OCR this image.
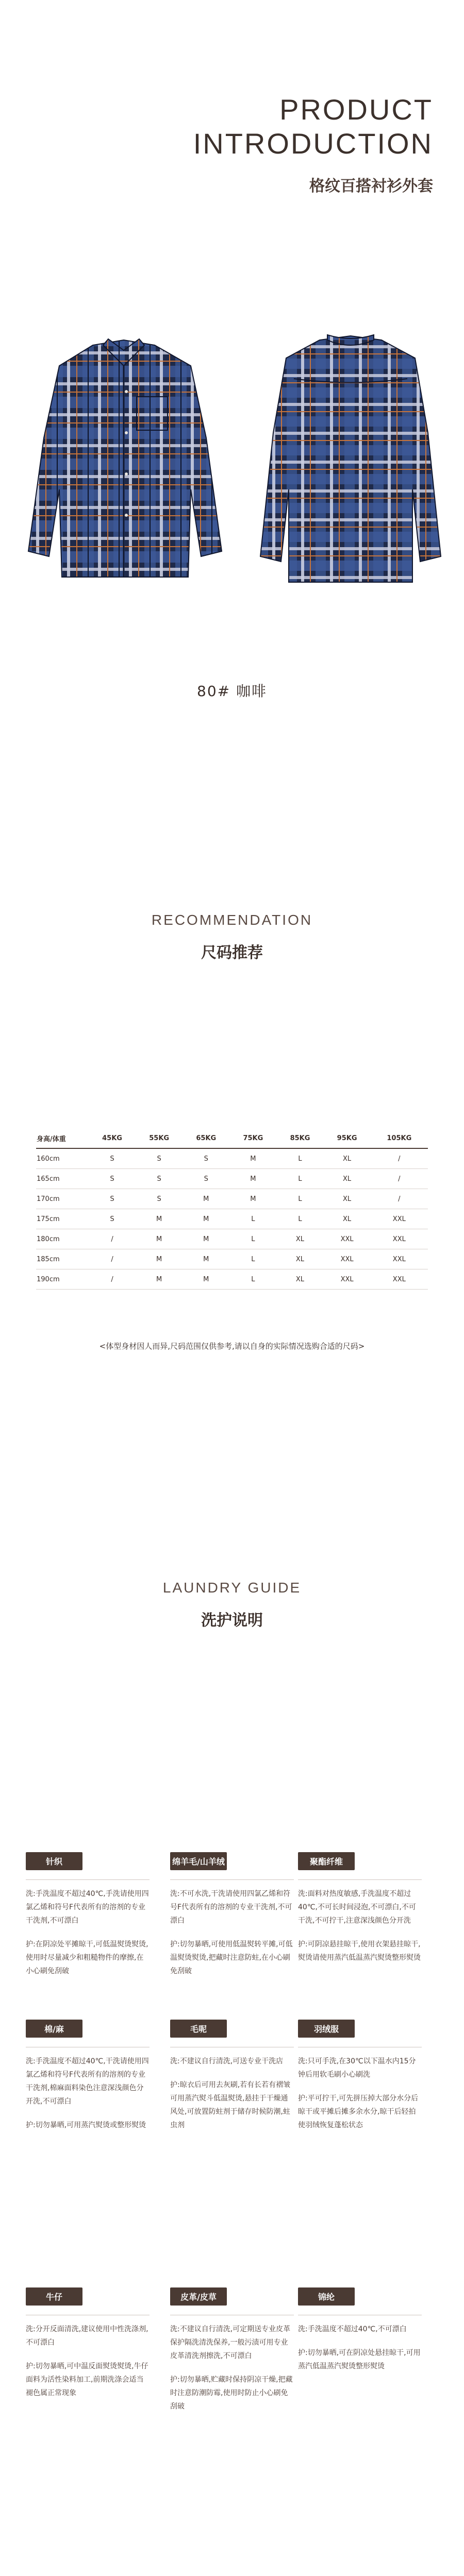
PRODUCT
INTRODUCTION
格纹百搭衬衫外套
80# 咖啡
RECOMMENDATION
尺码推荐
身高/体重	45KG	55KG	65KG	75KG	85KG	95KG	105KG
160cm	S	S	S	M	L	XL	/
165cm	S	S	S	M	L	XL	/
170cm	S	S	M	M	L	XL	/
175cm	S	M	M	L	L	XL	XXL
180cm	/	M	M	L	XL	XXL	XXL
185cm	/	M	M	L	XL	XXL	XXL
190cm	/	M	M	L	XL	XXL	XXL
<体型身材因人而异,尺码范围仅供参考,请以自身的实际情况选购合适的尺码>
LAUNDRY GUIDE
洗护说明
针织
洗:手洗温度不超过40℃,手洗请使用四氯乙烯和符号F代表所有的溶剂的专业干洗剂,不可漂白
护:在阴凉处平摊晾干,可低温熨烫熨烫,使用时尽量减少和粗糙物件的摩擦,在小心刷免刮破
绵羊毛/山羊绒
洗:不可水洗,干洗请使用四氯乙烯和符号F代表所有的溶剂的专业干洗剂,不可漂白
护:切勿暴晒,可使用低温熨转平摊,可低温熨烫熨烫,把藏时注意防蛀,在小心刷免刮破
聚酯纤维
洗:面料对热度敏感,手洗温度不超过40℃,不可长时间浸泡,不可漂白,不可干洗,不可拧干,注意深浅颜色分开洗
护:可阴凉悬挂晾干,使用衣架悬挂晾干,熨烫请使用蒸汽低温蒸汽熨烫整形熨烫
棉/麻
洗:手洗温度不超过40℃,干洗请使用四氯乙烯和符号F代表所有的溶剂的专业干洗剂,棉麻面料染色注意深浅颜色分开洗,不可漂白
护:切勿暴晒,可用蒸汽熨烫或整形熨烫
毛呢
洗:不建议自行清洗,可送专业干洗店
护:晾衣后可用去灰刷,若有长若有褶皱可用蒸汽熨斗低温熨烫,悬挂于干燥通风处,可放置防蛀剂于储存时候防潮,蛀虫剂
羽绒服
洗:只可手洗,在30℃以下温水内15分钟后用软毛刷小心刷洗
护:平可拧干,可先拼压掉大部分水分后晾干或平摊后摊多余水分,晾干后轻拍使羽绒恢复蓬松状态
牛仔
洗:分开反面清洗,建议使用中性洗涤剂,不可漂白
护:切勿暴晒,可中温反面熨烫熨烫,牛仔面料为活性染料加工,前期洗涤会适当褪色属正常现象
皮革/皮草
洗:不建议自行清洗,可定期送专业皮革保护隔洗清洗保养,一般污渍可用专业皮革清洗剂擦洗,不可漂白
护:切勿暴晒,贮藏时保持阴凉干燥,把藏时注意防潮防霉,使用时防止小心刷免刮破
锦纶
洗:手洗温度不超过40℃,不可漂白
护:切勿暴晒,可在阴凉处悬挂晾干,可用蒸汽低温蒸汽熨烫整形熨烫
